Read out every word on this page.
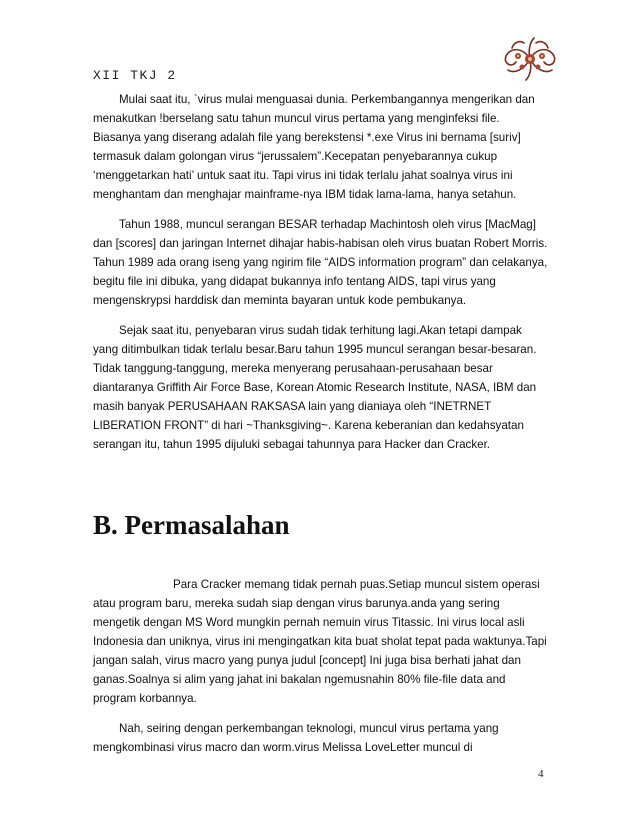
XII TKJ 2

Mulai saat itu, `virus mulai menguasai dunia. Perkembangannya mengerikan dan menakutkan !berselang satu tahun muncul virus pertama yang menginfeksi file. Biasanya yang diserang adalah file yang berekstensi *.exe Virus ini bernama [suriv] termasuk dalam golongan virus “jerussalem”.Kecepatan penyebarannya cukup ‘menggetarkan hati’ untuk saat itu. Tapi virus ini tidak terlalu jahat soalnya virus ini menghantam dan menghajar mainframe-nya IBM tidak lama-lama, hanya setahun.

Tahun 1988, muncul serangan BESAR terhadap Machintosh oleh virus [MacMag] dan [scores] dan jaringan Internet dihajar habis-habisan oleh virus buatan Robert Morris. Tahun 1989 ada orang iseng yang ngirim file “AIDS information program” dan celakanya, begitu file ini dibuka, yang didapat bukannya info tentang AIDS, tapi virus yang mengenskrypsi harddisk dan meminta bayaran untuk kode pembukanya.

Sejak saat itu, penyebaran virus sudah tidak terhitung lagi.Akan tetapi dampak yang ditimbulkan tidak terlalu besar.Baru tahun 1995 muncul serangan besar-besaran. Tidak tanggung-tanggung, mereka menyerang perusahaan-perusahaan besar diantaranya Griffith Air Force Base, Korean Atomic Research Institute, NASA, IBM dan masih banyak PERUSAHAAN RAKSASA lain yang dianiaya oleh “INETRNET LIBERATION FRONT” di hari ~Thanksgiving~. Karena keberanian dan kedahsyatan serangan itu, tahun 1995 dijuluki sebagai tahunnya para Hacker dan Cracker.

B. Permasalahan

Para Cracker memang tidak pernah puas.Setiap muncul sistem operasi atau program baru, mereka sudah siap dengan virus barunya.anda yang sering mengetik dengan MS Word mungkin pernah nemuin virus Titassic. Ini virus local asli Indonesia dan uniknya, virus ini mengingatkan kita buat sholat tepat pada waktunya.Tapi jangan salah, virus macro yang punya judul [concept] Ini juga bisa berhati jahat dan ganas.Soalnya si alim yang jahat ini bakalan ngemusnahin 80% file-file data and program korbannya.

Nah, seiring dengan perkembangan teknologi, muncul virus pertama yang mengkombinasi virus macro dan worm.virus Melissa LoveLetter muncul di

4
